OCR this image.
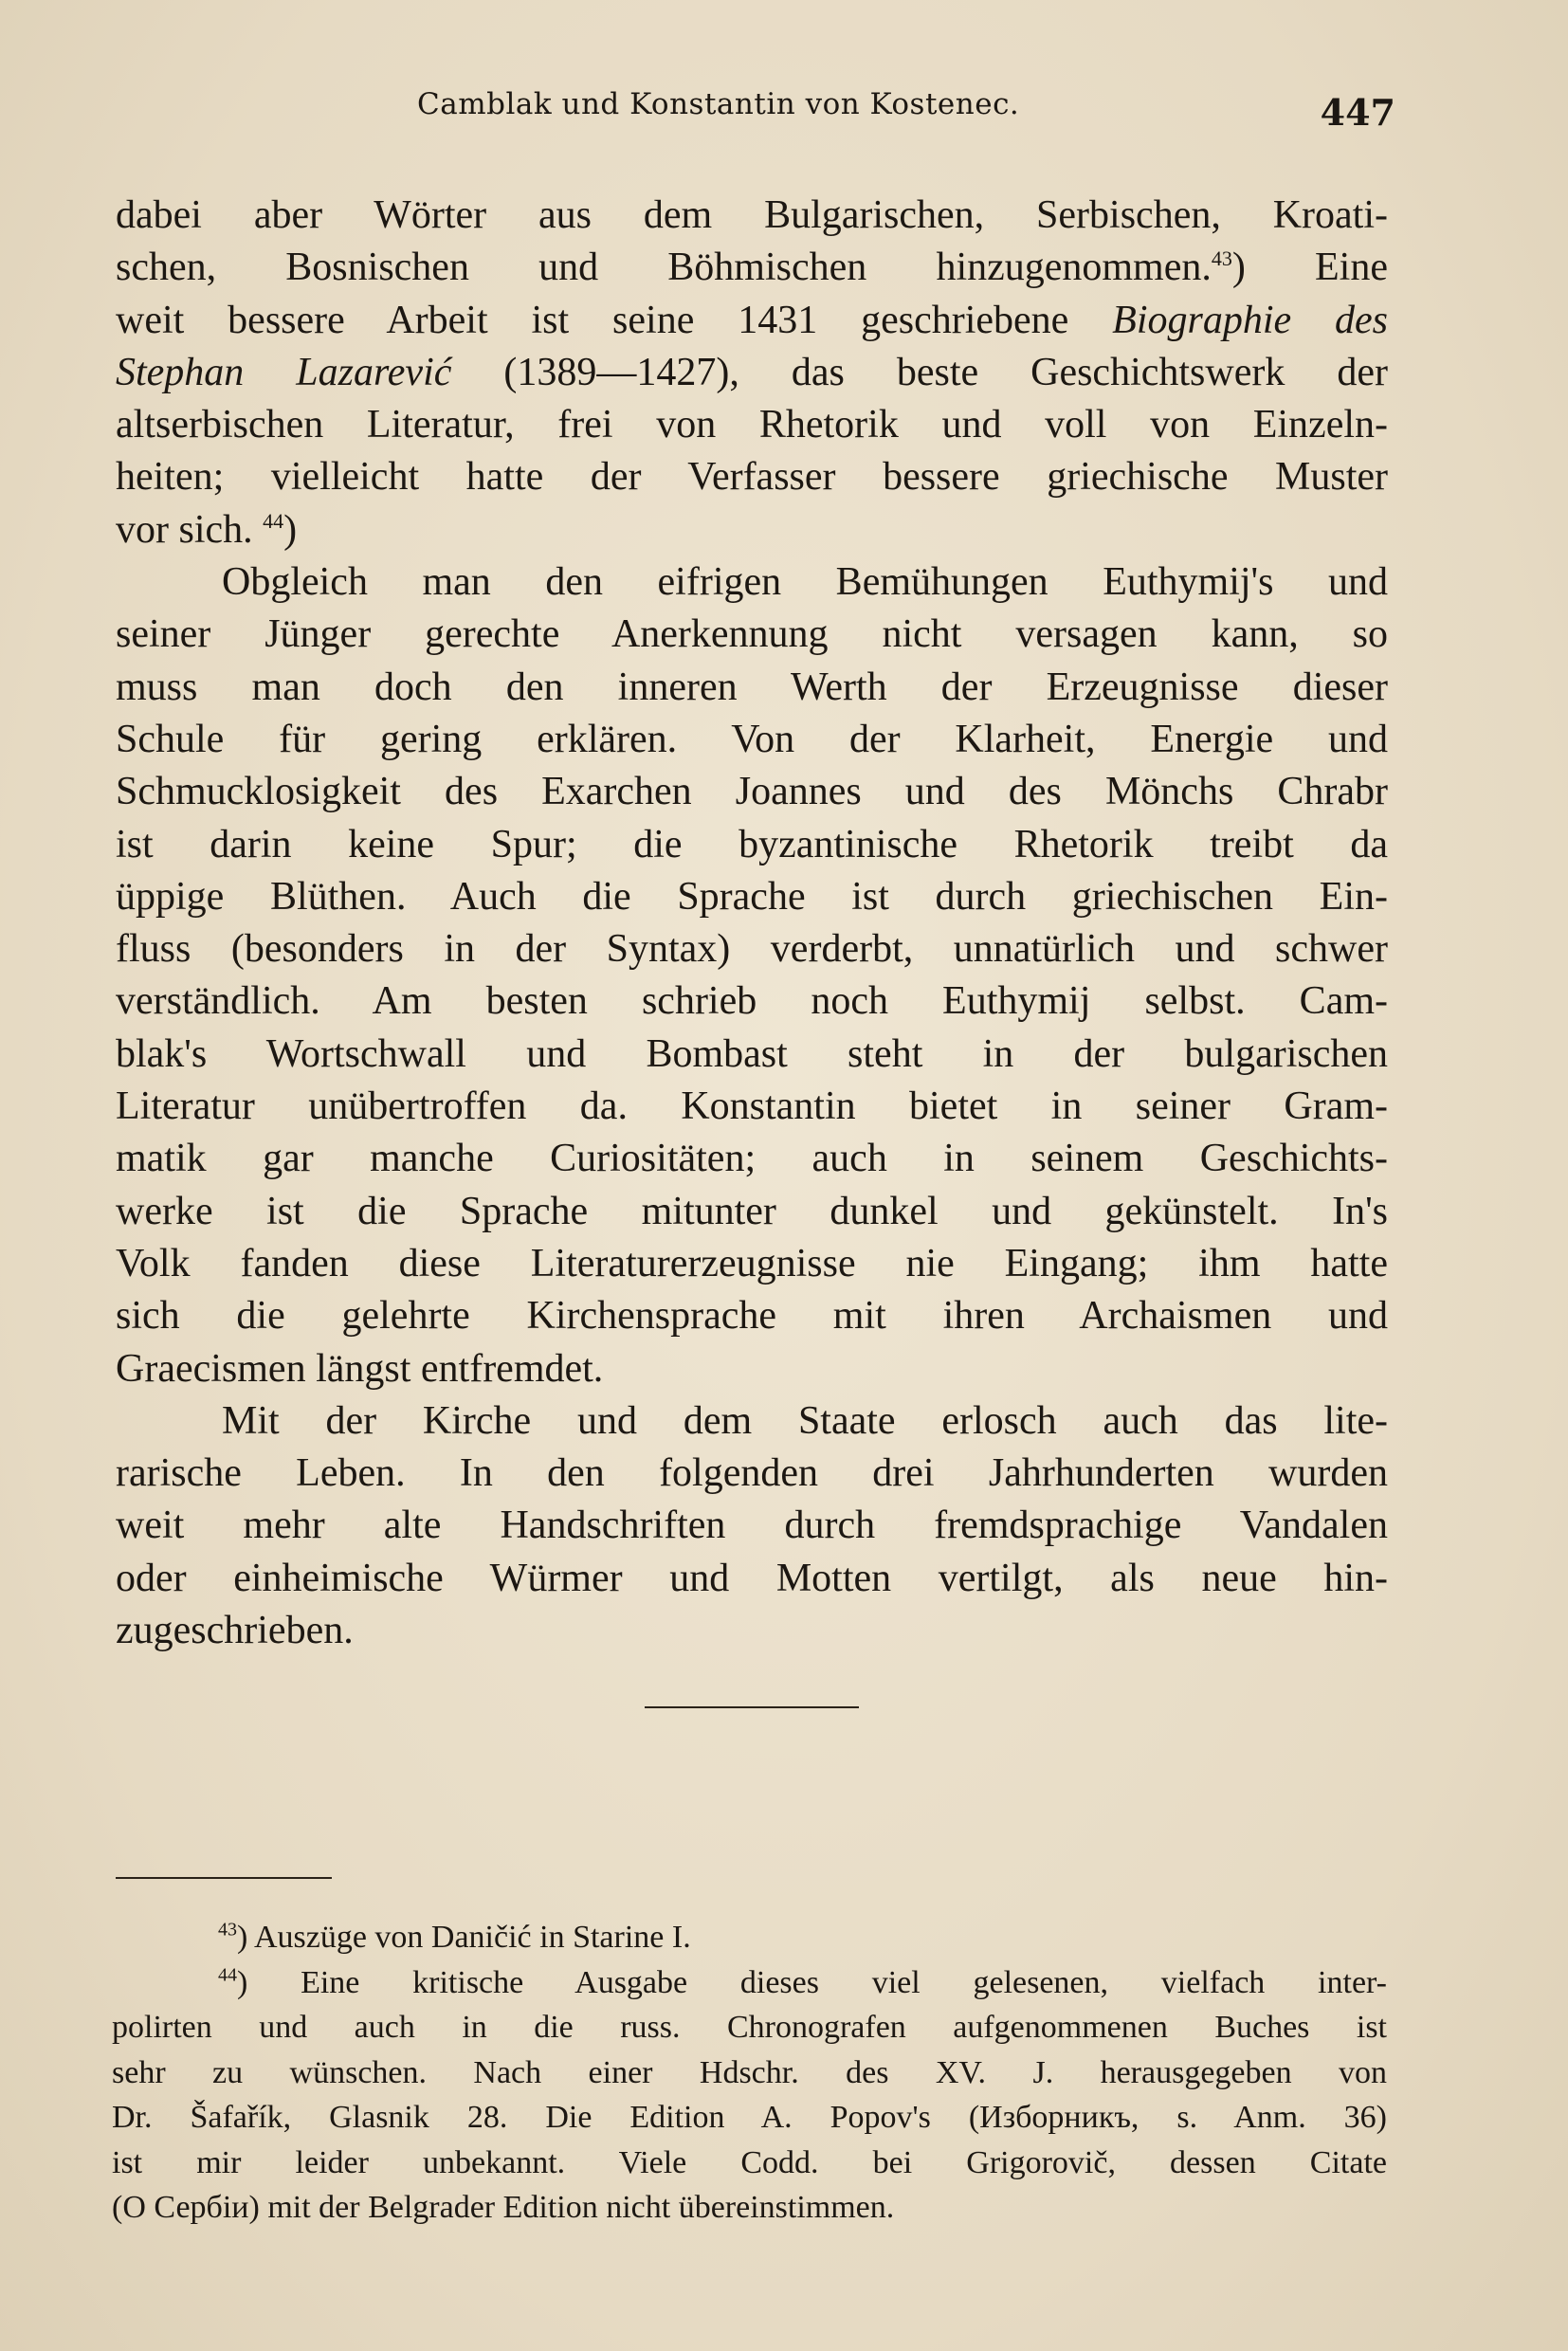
Camblak und Konstantin von Kostenec.	447
dabei aber Wörter aus dem Bulgarischen, Serbischen, Kroati-
schen, Bosnischen und Böhmischen hinzugenommen.$^{43}$) Eine
weit bessere Arbeit ist seine 1431 geschriebene Biographie des
Stephan Lazarević (1389—1427), das beste Geschichtswerk der
altserbischen Literatur, frei von Rhetorik und voll von Einzeln-
heiten; vielleicht hatte der Verfasser bessere griechische Muster
vor sich. $^{44}$)
Obgleich man den eifrigen Bemühungen Euthymij's und
seiner Jünger gerechte Anerkennung nicht versagen kann, so
muss man doch den inneren Werth der Erzeugnisse dieser
Schule für gering erklären. Von der Klarheit, Energie und
Schmucklosigkeit des Exarchen Joannes und des Mönchs Chrabr
ist darin keine Spur; die byzantinische Rhetorik treibt da
üppige Blüthen. Auch die Sprache ist durch griechischen Ein-
fluss (besonders in der Syntax) verderbt, unnatürlich und schwer
verständlich. Am besten schrieb noch Euthymij selbst. Cam-
blak's Wortschwall und Bombast steht in der bulgarischen
Literatur unübertroffen da. Konstantin bietet in seiner Gram-
matik gar manche Curiositäten; auch in seinem Geschichts-
werke ist die Sprache mitunter dunkel und gekünstelt. In's
Volk fanden diese Literaturerzeugnisse nie Eingang; ihm hatte
sich die gelehrte Kirchensprache mit ihren Archaismen und
Graecismen längst entfremdet.
Mit der Kirche und dem Staate erlosch auch das lite-
rarische Leben. In den folgenden drei Jahrhunderten wurden
weit mehr alte Handschriften durch fremdsprachige Vandalen
oder einheimische Würmer und Motten vertilgt, als neue hin-
zugeschrieben.
$^{43}$) Auszüge von Daničić in Starine I.
$^{44}$) Eine kritische Ausgabe dieses viel gelesenen, vielfach inter-
polirten und auch in die russ. Chronografen aufgenommenen Buches ist
sehr zu wünschen. Nach einer Hdschr. des XV. J. herausgegeben von
Dr. Šafařík, Glasnik 28. Die Edition A. Popov's (Изборникъ, s. Anm. 36)
ist mir leider unbekannt. Viele Codd. bei Grigorovič, dessen Citate
(O Сербiи) mit der Belgrader Edition nicht übereinstimmen.
